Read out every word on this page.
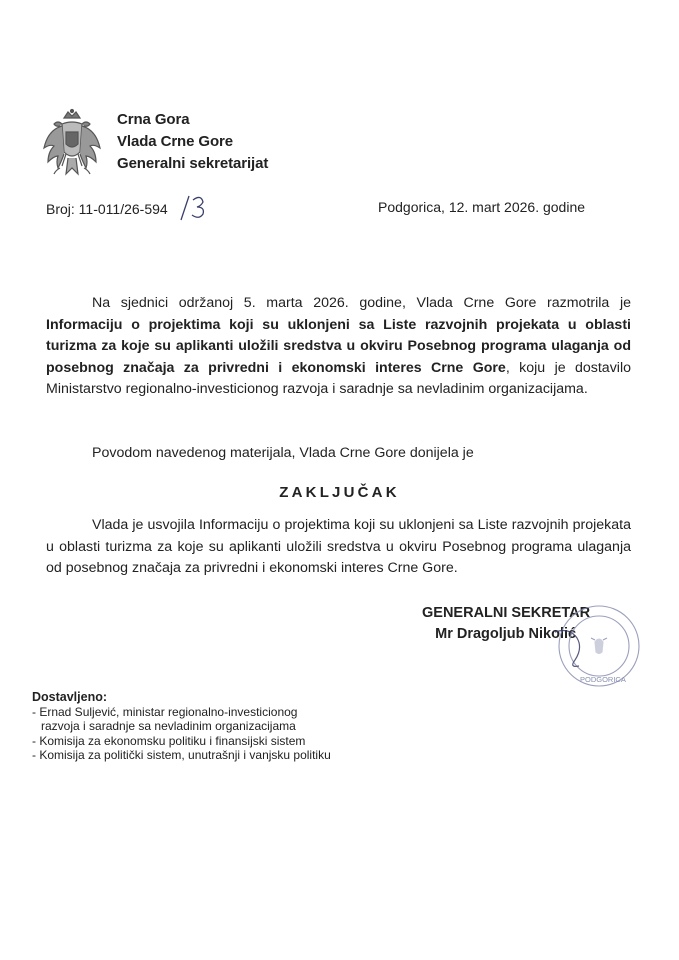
Crna Gora
Vlada Crne Gore
Generalni sekretarijat
Broj: 11-011/26-594
/3
Podgorica, 12. mart 2026. godine
Na sjednici održanoj 5. marta 2026. godine, Vlada Crne Gore razmotrila je Informaciju o projektima koji su uklonjeni sa Liste razvojnih projekata u oblasti turizma za koje su aplikanti uložili sredstva u okviru Posebnog programa ulaganja od posebnog značaja za privredni i ekonomski interes Crne Gore, koju je dostavilo Ministarstvo regionalno-investicionog razvoja i saradnje sa nevladinim organizacijama.
Povodom navedenog materijala, Vlada Crne Gore donijela je
ZAKLJUČAK
Vlada je usvojila Informaciju o projektima koji su uklonjeni sa Liste razvojnih projekata u oblasti turizma za koje su aplikanti uložili sredstva u okviru Posebnog programa ulaganja od posebnog značaja za privredni i ekonomski interes Crne Gore.
GENERALNI SEKRETAR
Mr Dragoljub Nikolić
PODGORICA
Dostavljeno:
- Ernad Suljević, ministar regionalno-investicionog
razvoja i saradnje sa nevladinim organizacijama
- Komisija za ekonomsku politiku i finansijski sistem
- Komisija za politički sistem, unutrašnji i vanjsku politiku
